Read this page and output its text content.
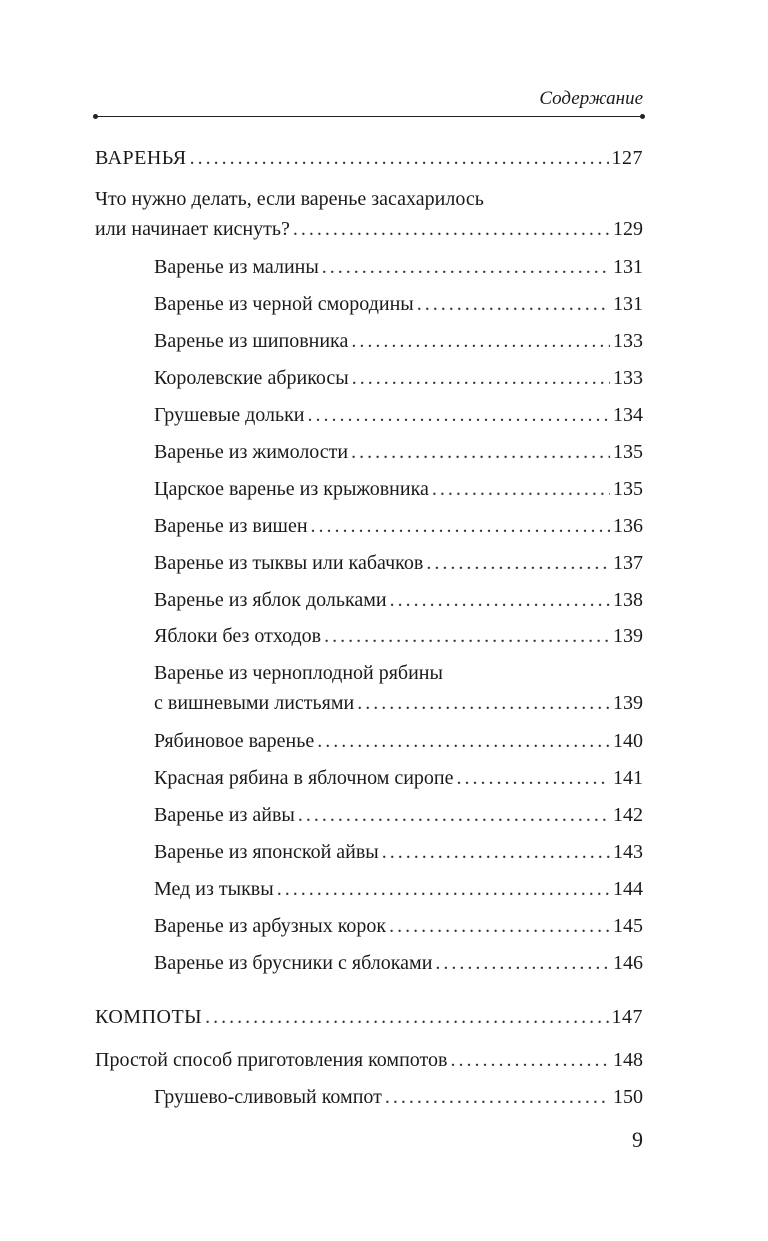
Содержание
ВАРЕНЬЯ .....	127
Что нужно делать, если варенье засахарилось
или начинает киснуть? .....	129
Варенье из малины .....	131
Варенье из черной смородины .....	131
Варенье из шиповника .....	133
Королевские абрикосы .....	133
Грушевые дольки .....	134
Варенье из жимолости .....	135
Царское варенье из крыжовника .....	135
Варенье из вишен .....	136
Варенье из тыквы или кабачков .....	137
Варенье из яблок дольками .....	138
Яблоки без отходов .....	139
Варенье из черноплодной рябины
с вишневыми листьями .....	139
Рябиновое варенье .....	140
Красная рябина в яблочном сиропе .....	141
Варенье из айвы .....	142
Варенье из японской айвы .....	143
Мед из тыквы .....	144
Варенье из арбузных корок .....	145
Варенье из брусники с яблоками .....	146
КОМПОТЫ .....	147
Простой способ приготовления компотов .....	148
Грушево-сливовый компот .....	150
9
